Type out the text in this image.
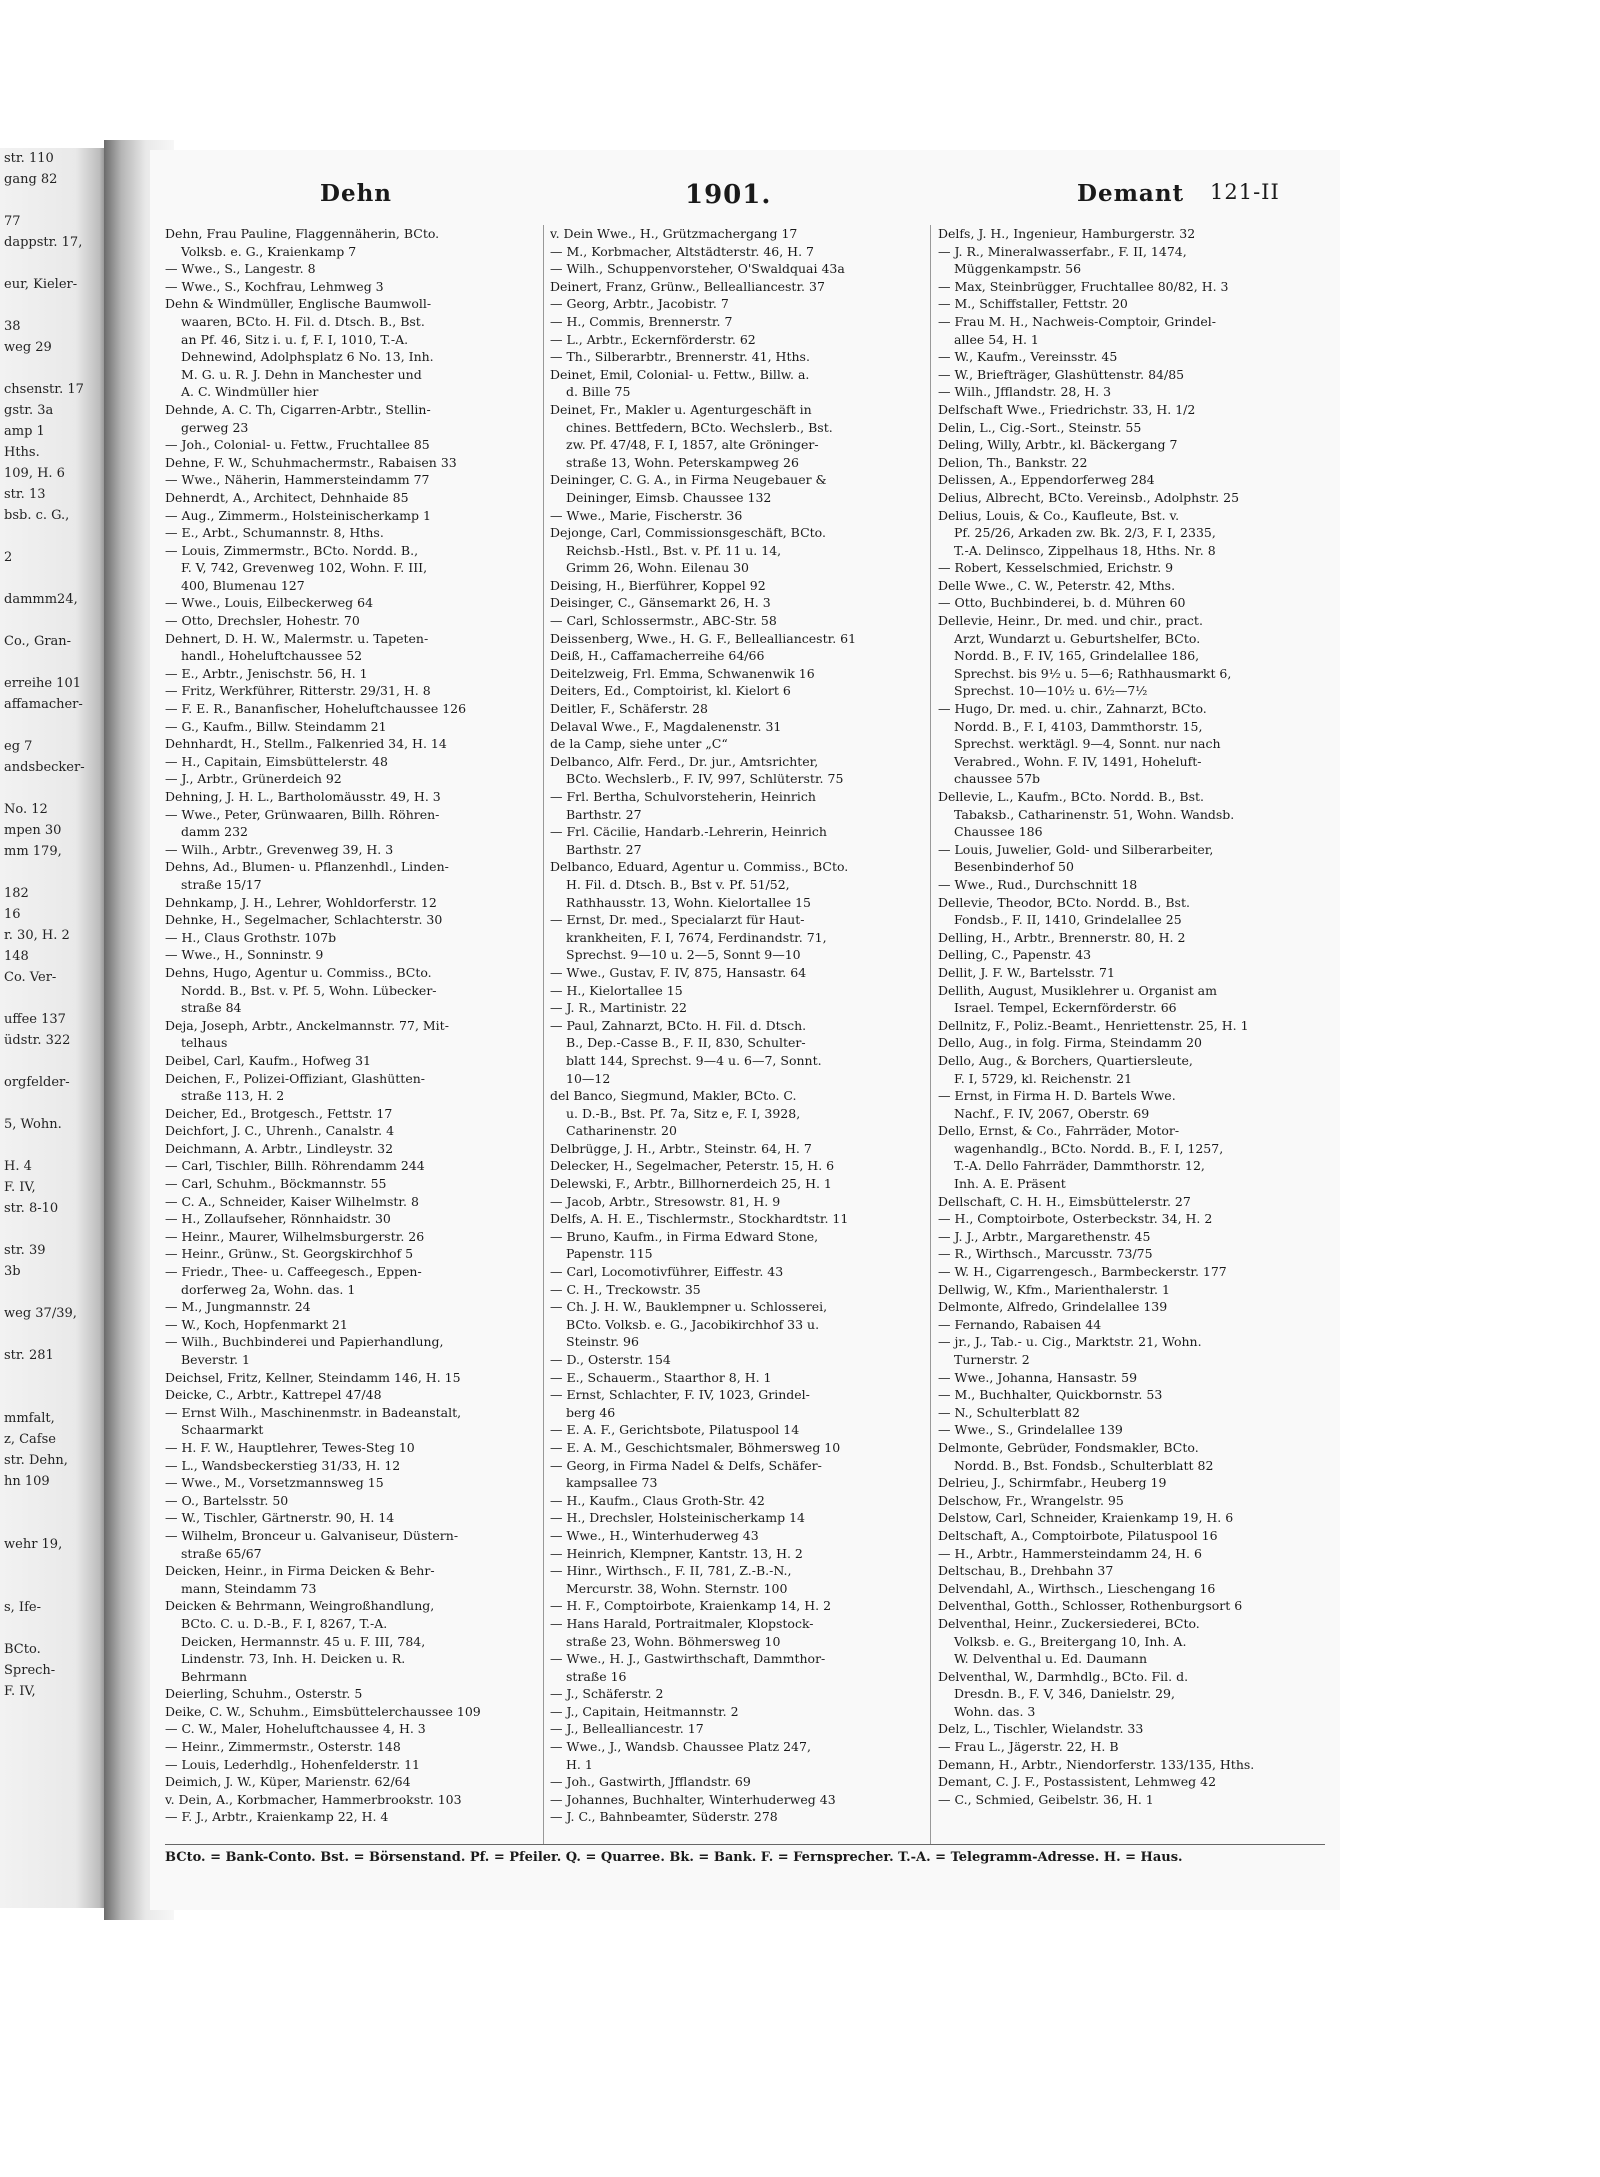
str. 110
gang 82
77
dappstr. 17,
eur, Kieler-
38
weg 29
chsenstr. 17
gstr. 3a
amp 1
Hths.
109, H. 6
str. 13
bsb. c. G.,
2
dammm24,
Co., Gran-
erreihe 101
affamacher-
eg 7
andsbecker-
No. 12
mpen 30
mm 179,
182
16
r. 30, H. 2
148
Co. Ver-
uffee 137
üdstr. 322
orgfelder-
5, Wohn.
H. 4
F. IV,
str. 8-10
str. 39
3b
weg 37/39,
str. 281
mmfalt,
z, Cafse
str. Dehn,
hn 109
wehr 19,
s, Ife-
BCto.
Sprech-
F. IV,
Dehn	1901.	Demant 121-II
Dehn, Frau Pauline, Flaggennäherin, BCto.
Volksb. e. G., Kraienkamp 7
— Wwe., S., Langestr. 8
— Wwe., S., Kochfrau, Lehmweg 3
Dehn & Windmüller, Englische Baumwoll-
waaren, BCto. H. Fil. d. Dtsch. B., Bst.
an Pf. 46, Sitz i. u. f, F. I, 1010, T.-A.
Dehnewind, Adolphsplatz 6 No. 13, Inh.
M. G. u. R. J. Dehn in Manchester und
A. C. Windmüller hier
Dehnde, A. C. Th, Cigarren-Arbtr., Stellin-
gerweg 23
— Joh., Colonial- u. Fettw., Fruchtallee 85
Dehne, F. W., Schuhmachermstr., Rabaisen 33
— Wwe., Näherin, Hammersteindamm 77
Dehnerdt, A., Architect, Dehnhaide 85
— Aug., Zimmerm., Holsteinischerkamp 1
— E., Arbt., Schumannstr. 8, Hths.
— Louis, Zimmermstr., BCto. Nordd. B.,
F. V, 742, Grevenweg 102, Wohn. F. III,
400, Blumenau 127
— Wwe., Louis, Eilbeckerweg 64
— Otto, Drechsler, Hohestr. 70
Dehnert, D. H. W., Malermstr. u. Tapeten-
handl., Hoheluftchaussee 52
— E., Arbtr., Jenischstr. 56, H. 1
— Fritz, Werkführer, Ritterstr. 29/31, H. 8
— F. E. R., Bananfischer, Hoheluftchaussee 126
— G., Kaufm., Billw. Steindamm 21
Dehnhardt, H., Stellm., Falkenried 34, H. 14
— H., Capitain, Eimsbüttelerstr. 48
— J., Arbtr., Grünerdeich 92
Dehning, J. H. L., Bartholomäusstr. 49, H. 3
— Wwe., Peter, Grünwaaren, Billh. Röhren-
damm 232
— Wilh., Arbtr., Grevenweg 39, H. 3
Dehns, Ad., Blumen- u. Pflanzenhdl., Linden-
straße 15/17
Dehnkamp, J. H., Lehrer, Wohldorferstr. 12
Dehnke, H., Segelmacher, Schlachterstr. 30
— H., Claus Grothstr. 107b
— Wwe., H., Sonninstr. 9
Dehns, Hugo, Agentur u. Commiss., BCto.
Nordd. B., Bst. v. Pf. 5, Wohn. Lübecker-
straße 84
Deja, Joseph, Arbtr., Anckelmannstr. 77, Mit-
telhaus
Deibel, Carl, Kaufm., Hofweg 31
Deichen, F., Polizei-Offiziant, Glashütten-
straße 113, H. 2
Deicher, Ed., Brotgesch., Fettstr. 17
Deichfort, J. C., Uhrenh., Canalstr. 4
Deichmann, A. Arbtr., Lindleystr. 32
— Carl, Tischler, Billh. Röhrendamm 244
— Carl, Schuhm., Böckmannstr. 55
— C. A., Schneider, Kaiser Wilhelmstr. 8
— H., Zollaufseher, Rönnhaidstr. 30
— Heinr., Maurer, Wilhelmsburgerstr. 26
— Heinr., Grünw., St. Georgskirchhof 5
— Friedr., Thee- u. Caffeegesch., Eppen-
dorferweg 2a, Wohn. das. 1
— M., Jungmannstr. 24
— W., Koch, Hopfenmarkt 21
— Wilh., Buchbinderei und Papierhandlung,
Beverstr. 1
Deichsel, Fritz, Kellner, Steindamm 146, H. 15
Deicke, C., Arbtr., Kattrepel 47/48
— Ernst Wilh., Maschinenmstr. in Badeanstalt,
Schaarmarkt
— H. F. W., Hauptlehrer, Tewes-Steg 10
— L., Wandsbeckerstieg 31/33, H. 12
— Wwe., M., Vorsetzmannsweg 15
— O., Bartelsstr. 50
— W., Tischler, Gärtnerstr. 90, H. 14
— Wilhelm, Bronceur u. Galvaniseur, Düstern-
straße 65/67
Deicken, Heinr., in Firma Deicken & Behr-
mann, Steindamm 73
Deicken & Behrmann, Weingroßhandlung,
BCto. C. u. D.-B., F. I, 8267, T.-A.
Deicken, Hermannstr. 45 u. F. III, 784,
Lindenstr. 73, Inh. H. Deicken u. R.
Behrmann
Deierling, Schuhm., Osterstr. 5
Deike, C. W., Schuhm., Eimsbüttelerchaussee 109
— C. W., Maler, Hoheluftchaussee 4, H. 3
— Heinr., Zimmermstr., Osterstr. 148
— Louis, Lederhdlg., Hohenfelderstr. 11
Deimich, J. W., Küper, Marienstr. 62/64
v. Dein, A., Korbmacher, Hammerbrookstr. 103
— F. J., Arbtr., Kraienkamp 22, H. 4
v. Dein Wwe., H., Grützmachergang 17
— M., Korbmacher, Altstädterstr. 46, H. 7
— Wilh., Schuppenvorsteher, O'Swaldquai 43a
Deinert, Franz, Grünw., Bellealliancestr. 37
— Georg, Arbtr., Jacobistr. 7
— H., Commis, Brennerstr. 7
— L., Arbtr., Eckernförderstr. 62
— Th., Silberarbtr., Brennerstr. 41, Hths.
Deinet, Emil, Colonial- u. Fettw., Billw. a.
d. Bille 75
Deinet, Fr., Makler u. Agenturgeschäft in
chines. Bettfedern, BCto. Wechslerb., Bst.
zw. Pf. 47/48, F. I, 1857, alte Gröninger-
straße 13, Wohn. Peterskampweg 26
Deininger, C. G. A., in Firma Neugebauer &
Deininger, Eimsb. Chaussee 132
— Wwe., Marie, Fischerstr. 36
Dejonge, Carl, Commissionsgeschäft, BCto.
Reichsb.-Hstl., Bst. v. Pf. 11 u. 14,
Grimm 26, Wohn. Eilenau 30
Deising, H., Bierführer, Koppel 92
Deisinger, C., Gänsemarkt 26, H. 3
— Carl, Schlossermstr., ABC-Str. 58
Deissenberg, Wwe., H. G. F., Bellealliancestr. 61
Deiß, H., Caffamacherreihe 64/66
Deitelzweig, Frl. Emma, Schwanenwik 16
Deiters, Ed., Comptoirist, kl. Kielort 6
Deitler, F., Schäferstr. 28
Delaval Wwe., F., Magdalenenstr. 31
de la Camp, siehe unter „C“
Delbanco, Alfr. Ferd., Dr. jur., Amtsrichter,
BCto. Wechslerb., F. IV, 997, Schlüterstr. 75
— Frl. Bertha, Schulvorsteherin, Heinrich
Barthstr. 27
— Frl. Cäcilie, Handarb.-Lehrerin, Heinrich
Barthstr. 27
Delbanco, Eduard, Agentur u. Commiss., BCto.
H. Fil. d. Dtsch. B., Bst v. Pf. 51/52,
Rathhausstr. 13, Wohn. Kielortallee 15
— Ernst, Dr. med., Specialarzt für Haut-
krankheiten, F. I, 7674, Ferdinandstr. 71,
Sprechst. 9—10 u. 2—5, Sonnt 9—10
— Wwe., Gustav, F. IV, 875, Hansastr. 64
— H., Kielortallee 15
— J. R., Martinistr. 22
— Paul, Zahnarzt, BCto. H. Fil. d. Dtsch.
B., Dep.-Casse B., F. II, 830, Schulter-
blatt 144, Sprechst. 9—4 u. 6—7, Sonnt.
10—12
del Banco, Siegmund, Makler, BCto. C.
u. D.-B., Bst. Pf. 7a, Sitz e, F. I, 3928,
Catharinenstr. 20
Delbrügge, J. H., Arbtr., Steinstr. 64, H. 7
Delecker, H., Segelmacher, Peterstr. 15, H. 6
Delewski, F., Arbtr., Billhornerdeich 25, H. 1
— Jacob, Arbtr., Stresowstr. 81, H. 9
Delfs, A. H. E., Tischlermstr., Stockhardtstr. 11
— Bruno, Kaufm., in Firma Edward Stone,
Papenstr. 115
— Carl, Locomotivführer, Eiffestr. 43
— C. H., Treckowstr. 35
— Ch. J. H. W., Bauklempner u. Schlosserei,
BCto. Volksb. e. G., Jacobikirchhof 33 u.
Steinstr. 96
— D., Osterstr. 154
— E., Schauerm., Staarthor 8, H. 1
— Ernst, Schlachter, F. IV, 1023, Grindel-
berg 46
— E. A. F., Gerichtsbote, Pilatuspool 14
— E. A. M., Geschichtsmaler, Böhmersweg 10
— Georg, in Firma Nadel & Delfs, Schäfer-
kampsallee 73
— H., Kaufm., Claus Groth-Str. 42
— H., Drechsler, Holsteinischerkamp 14
— Wwe., H., Winterhuderweg 43
— Heinrich, Klempner, Kantstr. 13, H. 2
— Hinr., Wirthsch., F. II, 781, Z.-B.-N.,
Mercurstr. 38, Wohn. Sternstr. 100
— H. F., Comptoirbote, Kraienkamp 14, H. 2
— Hans Harald, Portraitmaler, Klopstock-
straße 23, Wohn. Böhmersweg 10
— Wwe., H. J., Gastwirthschaft, Dammthor-
straße 16
— J., Schäferstr. 2
— J., Capitain, Heitmannstr. 2
— J., Bellealliancestr. 17
— Wwe., J., Wandsb. Chaussee Platz 247,
H. 1
— Joh., Gastwirth, Jfflandstr. 69
— Johannes, Buchhalter, Winterhuderweg 43
— J. C., Bahnbeamter, Süderstr. 278
Delfs, J. H., Ingenieur, Hamburgerstr. 32
— J. R., Mineralwasserfabr., F. II, 1474,
Müggenkampstr. 56
— Max, Steinbrügger, Fruchtallee 80/82, H. 3
— M., Schiffstaller, Fettstr. 20
— Frau M. H., Nachweis-Comptoir, Grindel-
allee 54, H. 1
— W., Kaufm., Vereinsstr. 45
— W., Briefträger, Glashüttenstr. 84/85
— Wilh., Jfflandstr. 28, H. 3
Delfschaft Wwe., Friedrichstr. 33, H. 1/2
Delin, L., Cig.-Sort., Steinstr. 55
Deling, Willy, Arbtr., kl. Bäckergang 7
Delion, Th., Bankstr. 22
Delissen, A., Eppendorferweg 284
Delius, Albrecht, BCto. Vereinsb., Adolphstr. 25
Delius, Louis, & Co., Kaufleute, Bst. v.
Pf. 25/26, Arkaden zw. Bk. 2/3, F. I, 2335,
T.-A. Delinsco, Zippelhaus 18, Hths. Nr. 8
— Robert, Kesselschmied, Erichstr. 9
Delle Wwe., C. W., Peterstr. 42, Mths.
— Otto, Buchbinderei, b. d. Mühren 60
Dellevie, Heinr., Dr. med. und chir., pract.
Arzt, Wundarzt u. Geburtshelfer, BCto.
Nordd. B., F. IV, 165, Grindelallee 186,
Sprechst. bis 9½ u. 5—6; Rathhausmarkt 6,
Sprechst. 10—10½ u. 6½—7½
— Hugo, Dr. med. u. chir., Zahnarzt, BCto.
Nordd. B., F. I, 4103, Dammthorstr. 15,
Sprechst. werktägl. 9—4, Sonnt. nur nach
Verabred., Wohn. F. IV, 1491, Hoheluft-
chaussee 57b
Dellevie, L., Kaufm., BCto. Nordd. B., Bst.
Tabaksb., Catharinenstr. 51, Wohn. Wandsb.
Chaussee 186
— Louis, Juwelier, Gold- und Silberarbeiter,
Besenbinderhof 50
— Wwe., Rud., Durchschnitt 18
Dellevie, Theodor, BCto. Nordd. B., Bst.
Fondsb., F. II, 1410, Grindelallee 25
Delling, H., Arbtr., Brennerstr. 80, H. 2
Delling, C., Papenstr. 43
Dellit, J. F. W., Bartelsstr. 71
Dellith, August, Musiklehrer u. Organist am
Israel. Tempel, Eckernförderstr. 66
Dellnitz, F., Poliz.-Beamt., Henriettenstr. 25, H. 1
Dello, Aug., in folg. Firma, Steindamm 20
Dello, Aug., & Borchers, Quartiersleute,
F. I, 5729, kl. Reichenstr. 21
— Ernst, in Firma H. D. Bartels Wwe.
Nachf., F. IV, 2067, Oberstr. 69
Dello, Ernst, & Co., Fahrräder, Motor-
wagenhandlg., BCto. Nordd. B., F. I, 1257,
T.-A. Dello Fahrräder, Dammthorstr. 12,
Inh. A. E. Präsent
Dellschaft, C. H. H., Eimsbüttelerstr. 27
— H., Comptoirbote, Osterbeckstr. 34, H. 2
— J. J., Arbtr., Margarethenstr. 45
— R., Wirthsch., Marcusstr. 73/75
— W. H., Cigarrengesch., Barmbeckerstr. 177
Dellwig, W., Kfm., Marienthalerstr. 1
Delmonte, Alfredo, Grindelallee 139
— Fernando, Rabaisen 44
— jr., J., Tab.- u. Cig., Marktstr. 21, Wohn.
Turnerstr. 2
— Wwe., Johanna, Hansastr. 59
— M., Buchhalter, Quickbornstr. 53
— N., Schulterblatt 82
— Wwe., S., Grindelallee 139
Delmonte, Gebrüder, Fondsmakler, BCto.
Nordd. B., Bst. Fondsb., Schulterblatt 82
Delrieu, J., Schirmfabr., Heuberg 19
Delschow, Fr., Wrangelstr. 95
Delstow, Carl, Schneider, Kraienkamp 19, H. 6
Deltschaft, A., Comptoirbote, Pilatuspool 16
— H., Arbtr., Hammersteindamm 24, H. 6
Deltschau, B., Drehbahn 37
Delvendahl, A., Wirthsch., Lieschengang 16
Delventhal, Gotth., Schlosser, Rothenburgsort 6
Delventhal, Heinr., Zuckersiederei, BCto.
Volksb. e. G., Breitergang 10, Inh. A.
W. Delventhal u. Ed. Daumann
Delventhal, W., Darmhdlg., BCto. Fil. d.
Dresdn. B., F. V, 346, Danielstr. 29,
Wohn. das. 3
Delz, L., Tischler, Wielandstr. 33
— Frau L., Jägerstr. 22, H. B
Demann, H., Arbtr., Niendorferstr. 133/135, Hths.
Demant, C. J. F., Postassistent, Lehmweg 42
— C., Schmied, Geibelstr. 36, H. 1
BCto. = Bank-Conto. Bst. = Börsenstand. Pf. = Pfeiler. Q. = Quarree. Bk. = Bank. F. = Fernsprecher. T.-A. = Telegramm-Adresse. H. = Haus.
